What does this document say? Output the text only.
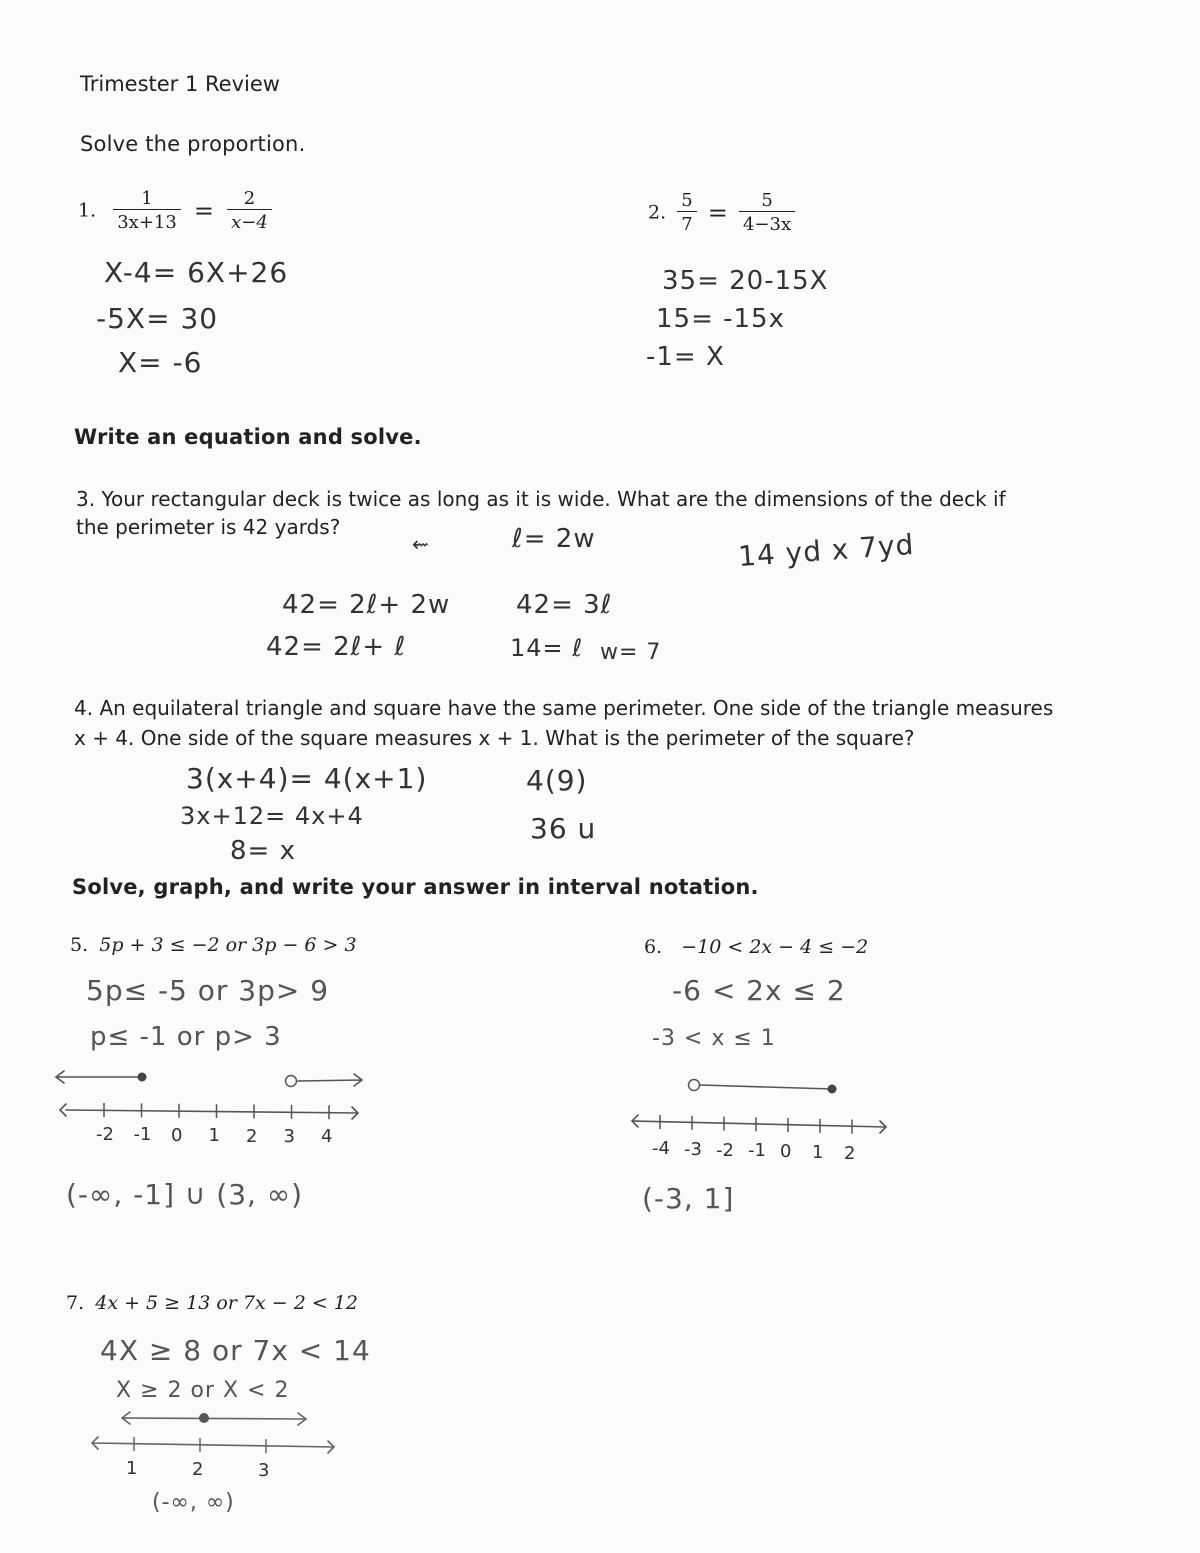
Trimester 1 Review
Solve the proportion.
1. $\frac{1}{3x+13} = \frac{2}{x-4}$
X-4= 6X+26
-5X= 30
X= -6
2. $\frac{5}{7} = \frac{5}{4-3x}$
35= 20-15X
15= -15x
-1= X
Write an equation and solve.
3. Your rectangular deck is twice as long as it is wide. What are the dimensions of the deck if
the perimeter is 42 yards?
⇜	ℓ= 2w	14 yd x 7yd
42= 2ℓ+ 2w
42= 2ℓ+ ℓ
42= 3ℓ
14= ℓ w= 7
4. An equilateral triangle and square have the same perimeter. One side of the triangle measures
x + 4. One side of the square measures x + 1. What is the perimeter of the square?
3(x+4)= 4(x+1)
3x+12= 4x+4
8= x
4(9)
36 u
Solve, graph, and write your answer in interval notation.
5. 5p + 3 ≤ −2 or 3p − 6 > 3
5p≤ -5 or 3p> 9
p≤ -1 or p> 3
-2 -1 0 1 2 3 4
(-∞, -1] ∪ (3, ∞)
6. −10 < 2x − 4 ≤ −2
-6 < 2x ≤ 2
-3 < x ≤ 1
-4 -3 -2 -1 0 1 2
(-3, 1]
7. 4x + 5 ≥ 13 or 7x − 2 < 12
4X ≥ 8 or 7x < 14
X ≥ 2 or X < 2
1	2	3
(-∞, ∞)
